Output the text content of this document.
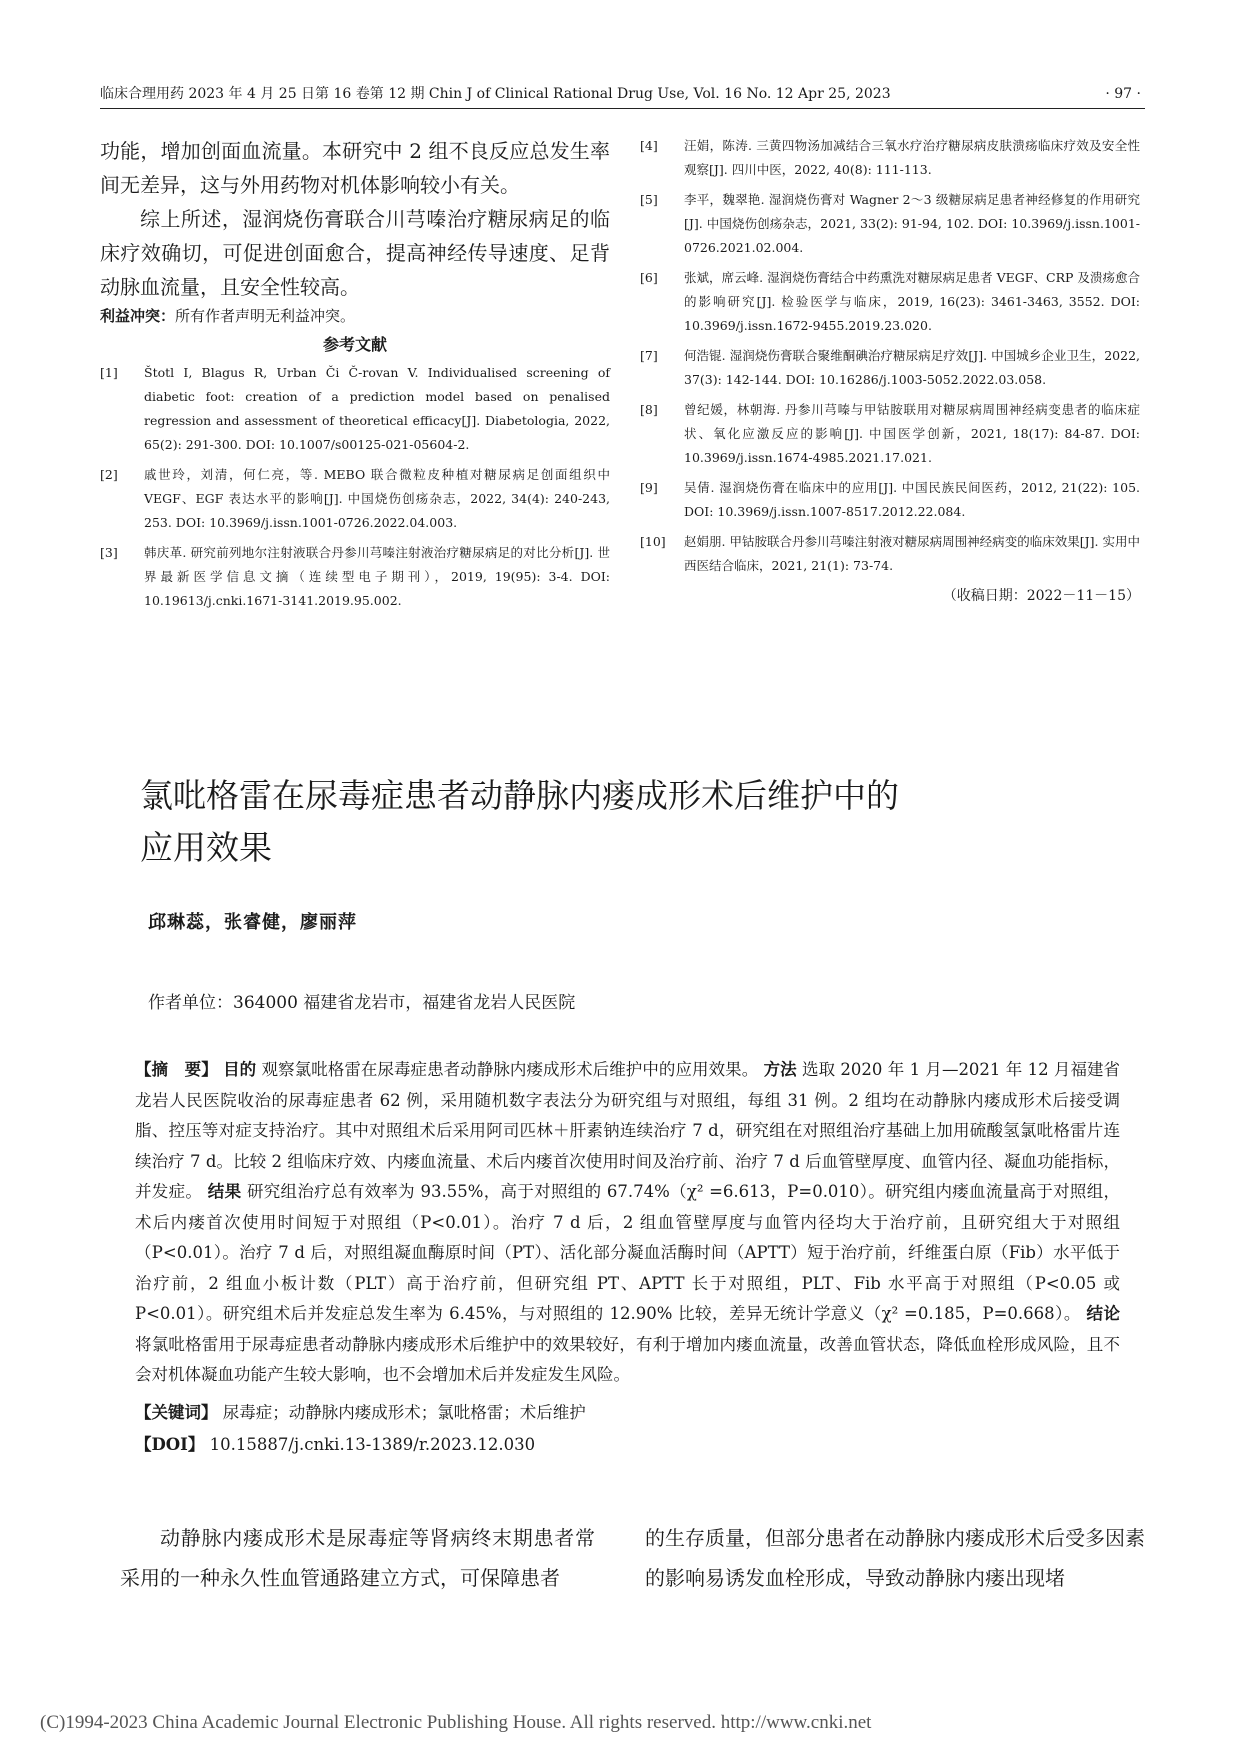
临床合理用药 2023 年 4 月 25 日第 16 卷第 12 期 Chin J of Clinical Rational Drug Use, Vol. 16 No. 12 Apr 25, 2023	· 97 ·

功能，增加创面血流量。本研究中 2 组不良反应总发生率间无差异，这与外用药物对机体影响较小有关。

综上所述，湿润烧伤膏联合川芎嗪治疗糖尿病足的临床疗效确切，可促进创面愈合，提高神经传导速度、足背动脉血流量，且安全性较高。

利益冲突：所有作者声明无利益冲突。

参考文献
[1]	Štotl I, Blagus R, Urban Či Č-rovan V. Individualised screening of diabetic foot: creation of a prediction model based on penalised regression and assessment of theoretical efficacy[J]. Diabetologia, 2022, 65(2): 291-300. DOI: 10.1007/s00125-021-05604-2.
[2]	戚世玲，刘清，何仁亮，等. MEBO 联合微粒皮种植对糖尿病足创面组织中 VEGF、EGF 表达水平的影响[J]. 中国烧伤创疡杂志，2022, 34(4): 240-243, 253. DOI: 10.3969/j.issn.1001-0726.2022.04.003.
[3]	韩庆革. 研究前列地尔注射液联合丹参川芎嗪注射液治疗糖尿病足的对比分析[J]. 世界最新医学信息文摘（连续型电子期刊），2019, 19(95): 3-4. DOI: 10.19613/j.cnki.1671-3141.2019.95.002.
[4]	汪娟，陈涛. 三黄四物汤加减结合三氧水疗治疗糖尿病皮肤溃疡临床疗效及安全性观察[J]. 四川中医，2022, 40(8): 111-113.
[5]	李平，魏翠艳. 湿润烧伤膏对 Wagner 2～3 级糖尿病足患者神经修复的作用研究[J]. 中国烧伤创疡杂志，2021, 33(2): 91-94, 102. DOI: 10.3969/j.issn.1001-0726.2021.02.004.
[6]	张斌，席云峰. 湿润烧伤膏结合中药熏洗对糖尿病足患者 VEGF、CRP 及溃疡愈合的影响研究[J]. 检验医学与临床，2019, 16(23): 3461-3463, 3552. DOI: 10.3969/j.issn.1672-9455.2019.23.020.
[7]	何浩锟. 湿润烧伤膏联合聚维酮碘治疗糖尿病足疗效[J]. 中国城乡企业卫生，2022, 37(3): 142-144. DOI: 10.16286/j.1003-5052.2022.03.058.
[8]	曾纪媛，林朝海. 丹参川芎嗪与甲钴胺联用对糖尿病周围神经病变患者的临床症状、氧化应激反应的影响[J]. 中国医学创新，2021, 18(17): 84-87. DOI: 10.3969/j.issn.1674-4985.2021.17.021.
[9]	吴倩. 湿润烧伤膏在临床中的应用[J]. 中国民族民间医药，2012, 21(22): 105. DOI: 10.3969/j.issn.1007-8517.2012.22.084.
[10]	赵娟朋. 甲钴胺联合丹参川芎嗪注射液对糖尿病周围神经病变的临床效果[J]. 实用中西医结合临床，2021, 21(1): 73-74.
（收稿日期：2022－11－15）
氯吡格雷在尿毒症患者动静脉内瘘成形术后维护中的
应用效果
邱琳蕊，张睿健，廖丽萍
作者单位：364000 福建省龙岩市，福建省龙岩人民医院
【摘　要】 目的 观察氯吡格雷在尿毒症患者动静脉内瘘成形术后维护中的应用效果。 方法 选取 2020 年 1 月—2021 年 12 月福建省龙岩人民医院收治的尿毒症患者 62 例，采用随机数字表法分为研究组与对照组，每组 31 例。2 组均在动静脉内瘘成形术后接受调脂、控压等对症支持治疗。其中对照组术后采用阿司匹林＋肝素钠连续治疗 7 d，研究组在对照组治疗基础上加用硫酸氢氯吡格雷片连续治疗 7 d。比较 2 组临床疗效、内瘘血流量、术后内瘘首次使用时间及治疗前、治疗 7 d 后血管壁厚度、血管内径、凝血功能指标，并发症。 结果 研究组治疗总有效率为 93.55%，高于对照组的 67.74%（χ² =6.613，P=0.010）。研究组内瘘血流量高于对照组，术后内瘘首次使用时间短于对照组（P<0.01）。治疗 7 d 后，2 组血管壁厚度与血管内径均大于治疗前，且研究组大于对照组（P<0.01）。治疗 7 d 后，对照组凝血酶原时间（PT）、活化部分凝血活酶时间（APTT）短于治疗前，纤维蛋白原（Fib）水平低于治疗前，2 组血小板计数（PLT）高于治疗前，但研究组 PT、APTT 长于对照组，PLT、Fib 水平高于对照组（P<0.05 或 P<0.01）。研究组术后并发症总发生率为 6.45%，与对照组的 12.90% 比较，差异无统计学意义（χ² =0.185，P=0.668）。 结论 将氯吡格雷用于尿毒症患者动静脉内瘘成形术后维护中的效果较好，有利于增加内瘘血流量，改善血管状态，降低血栓形成风险，且不会对机体凝血功能产生较大影响，也不会增加术后并发症发生风险。
【关键词】 尿毒症；动静脉内瘘成形术；氯吡格雷；术后维护
【DOI】 10.15887/j.cnki.13-1389/r.2023.12.030

动静脉内瘘成形术是尿毒症等肾病终末期患者常采用的一种永久性血管通路建立方式，可保障患者

的生存质量，但部分患者在动静脉内瘘成形术后受多因素的影响易诱发血栓形成，导致动静脉内瘘出现堵

(C)1994-2023 China Academic Journal Electronic Publishing House. All rights reserved. http://www.cnki.net
